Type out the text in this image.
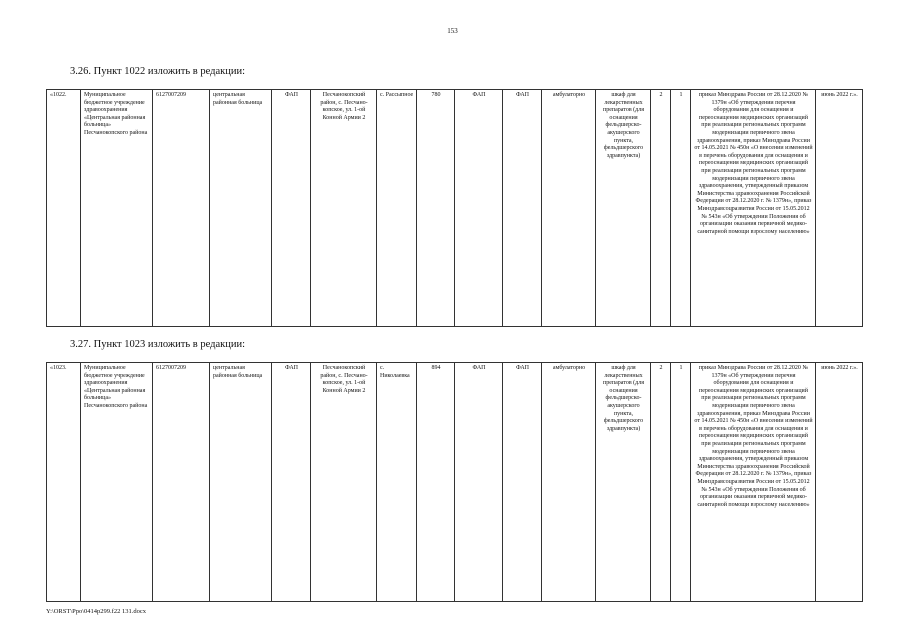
153
3.26. Пункт 1022 изложить в редакции:
«1022.	Муниципальное бюджетное учреждение здравоохранения «Центральная районная больница» Песчанокопского района	6127007209	центральная районная больница	ФАП	Песчанокопский район, с. Песчано-копское, ул. 1-ой Конной Армии 2	с. Рассыпное	780	ФАП	ФАП	амбулаторно	шкаф для лекарственных препаратов (для оснащения фельдшерско-акушерского пункта, фельдшерского здравпункта)	2	1	приказ Минздрава России от 28.12.2020 № 1379н «Об утверждении перечня оборудования для оснащения и переоснащения медицинских организаций при реализации региональных программ модернизации первичного звена здравоохранения, приказ Минздрава России от 14.05.2021 № 450н «О внесении изменений в перечень оборудования для оснащения и переоснащения медицинских организаций при реализации региональных программ модернизации первичного звена здравоохранения, утвержденный приказом Министерства здравоохранения Российской Федерации от 28.12.2020 г. № 1379н», приказ Минздравсоцразвития России от 15.05.2012 № 543н «Об утверждении Положения об организации оказания первичной медико-санитарной помощи взрослому населению»	июнь 2022 г.».
3.27. Пункт 1023 изложить в редакции:
«1023.	Муниципальное бюджетное учреждение здравоохранения «Центральная районная больница» Песчанокопского района	6127007209	центральная районная больница	ФАП	Песчанокопский район, с. Песчано-копское, ул. 1-ой Конной Армии 2	с. Николаевка	894	ФАП	ФАП	амбулаторно	шкаф для лекарственных препаратов (для оснащения фельдшерско-акушерского пункта, фельдшерского здравпункта)	2	1	приказ Минздрава России от 28.12.2020 № 1379н «Об утверждении перечня оборудования для оснащения и переоснащения медицинских организаций при реализации региональных программ модернизации первичного звена здравоохранения, приказ Минздрава России от 14.05.2021 № 450н «О внесении изменений в перечень оборудования для оснащения и переоснащения медицинских организаций при реализации региональных программ модернизации первичного звена здравоохранения, утвержденный приказом Министерства здравоохранения Российской Федерации от 28.12.2020 г. № 1379н», приказ Минздравсоцразвития России от 15.05.2012 № 543н «Об утверждении Положения об организации оказания первичной медико-санитарной помощи взрослому населению»	июнь 2022 г.».
Y:\ORST\Ppo\0414p299.f22 131.docx
